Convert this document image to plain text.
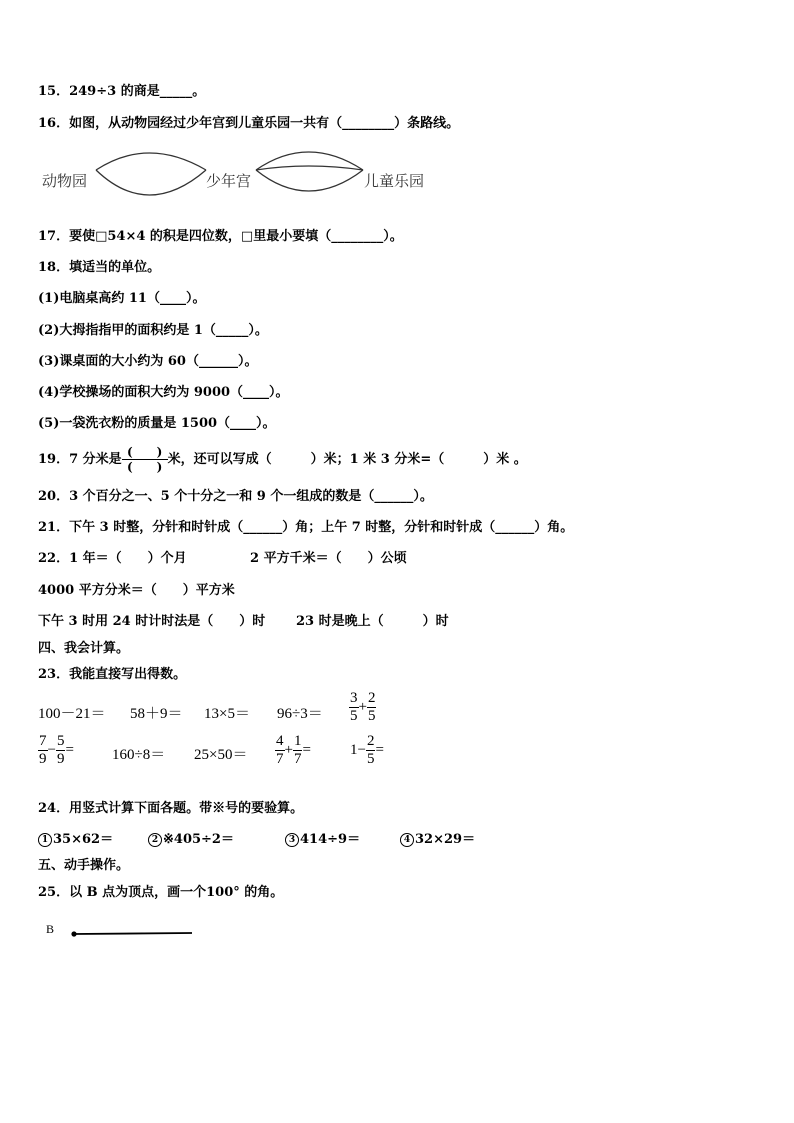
15．249÷3 的商是_____。
16．如图，从动物园经过少年宫到儿童乐园一共有（________）条路线。
动物园	少年宫	儿童乐园
17．要使□54×4 的积是四位数，□里最小要填（________）。
18．填适当的单位。
(1)电脑桌高约 11（____）。
(2)大拇指指甲的面积约是 1（_____）。
(3)课桌面的大小约为 60（______）。
(4)学校操场的面积大约为 9000（____）。
(5)一袋洗衣粉的质量是 1500（____）。
19．7 分米是 (　　)
(　　) 米，还可以写成（　　　）米；1 米 3 分米=（　　　）米 。
20．3 个百分之一、5 个十分之一和 9 个一组成的数是（______）。
21．下午 3 时整，分针和时针成（______）角；上午 7 时整，分针和时针成（______）角。
22．1 年＝（　　）个月	2 平方千米＝（　　）公顷
4000 平方分米＝（　　）平方米
下午 3 时用 24 时计时法是（　　）时 23 时是晚上（　　　）时
四、我会计算。
23．我能直接写出得数。
$100-21= 58+9= 13\times 5= 96\div 3= \frac{3}{5} + \frac{2}{5}$
$\frac{7}{9} - \frac{5}{9}$ =	$160\div 8= 25\times 50= \frac{4}{7} + \frac{1}{7}$ =	$1- \frac{2}{5}$ =
24．用竖式计算下面各题。带※号的要验算。
1 35×62＝	2 ※405÷2＝	3 414÷9＝	4 32×29＝
五、动手操作。
25．以 B 点为顶点，画一个100° 的角。
B
